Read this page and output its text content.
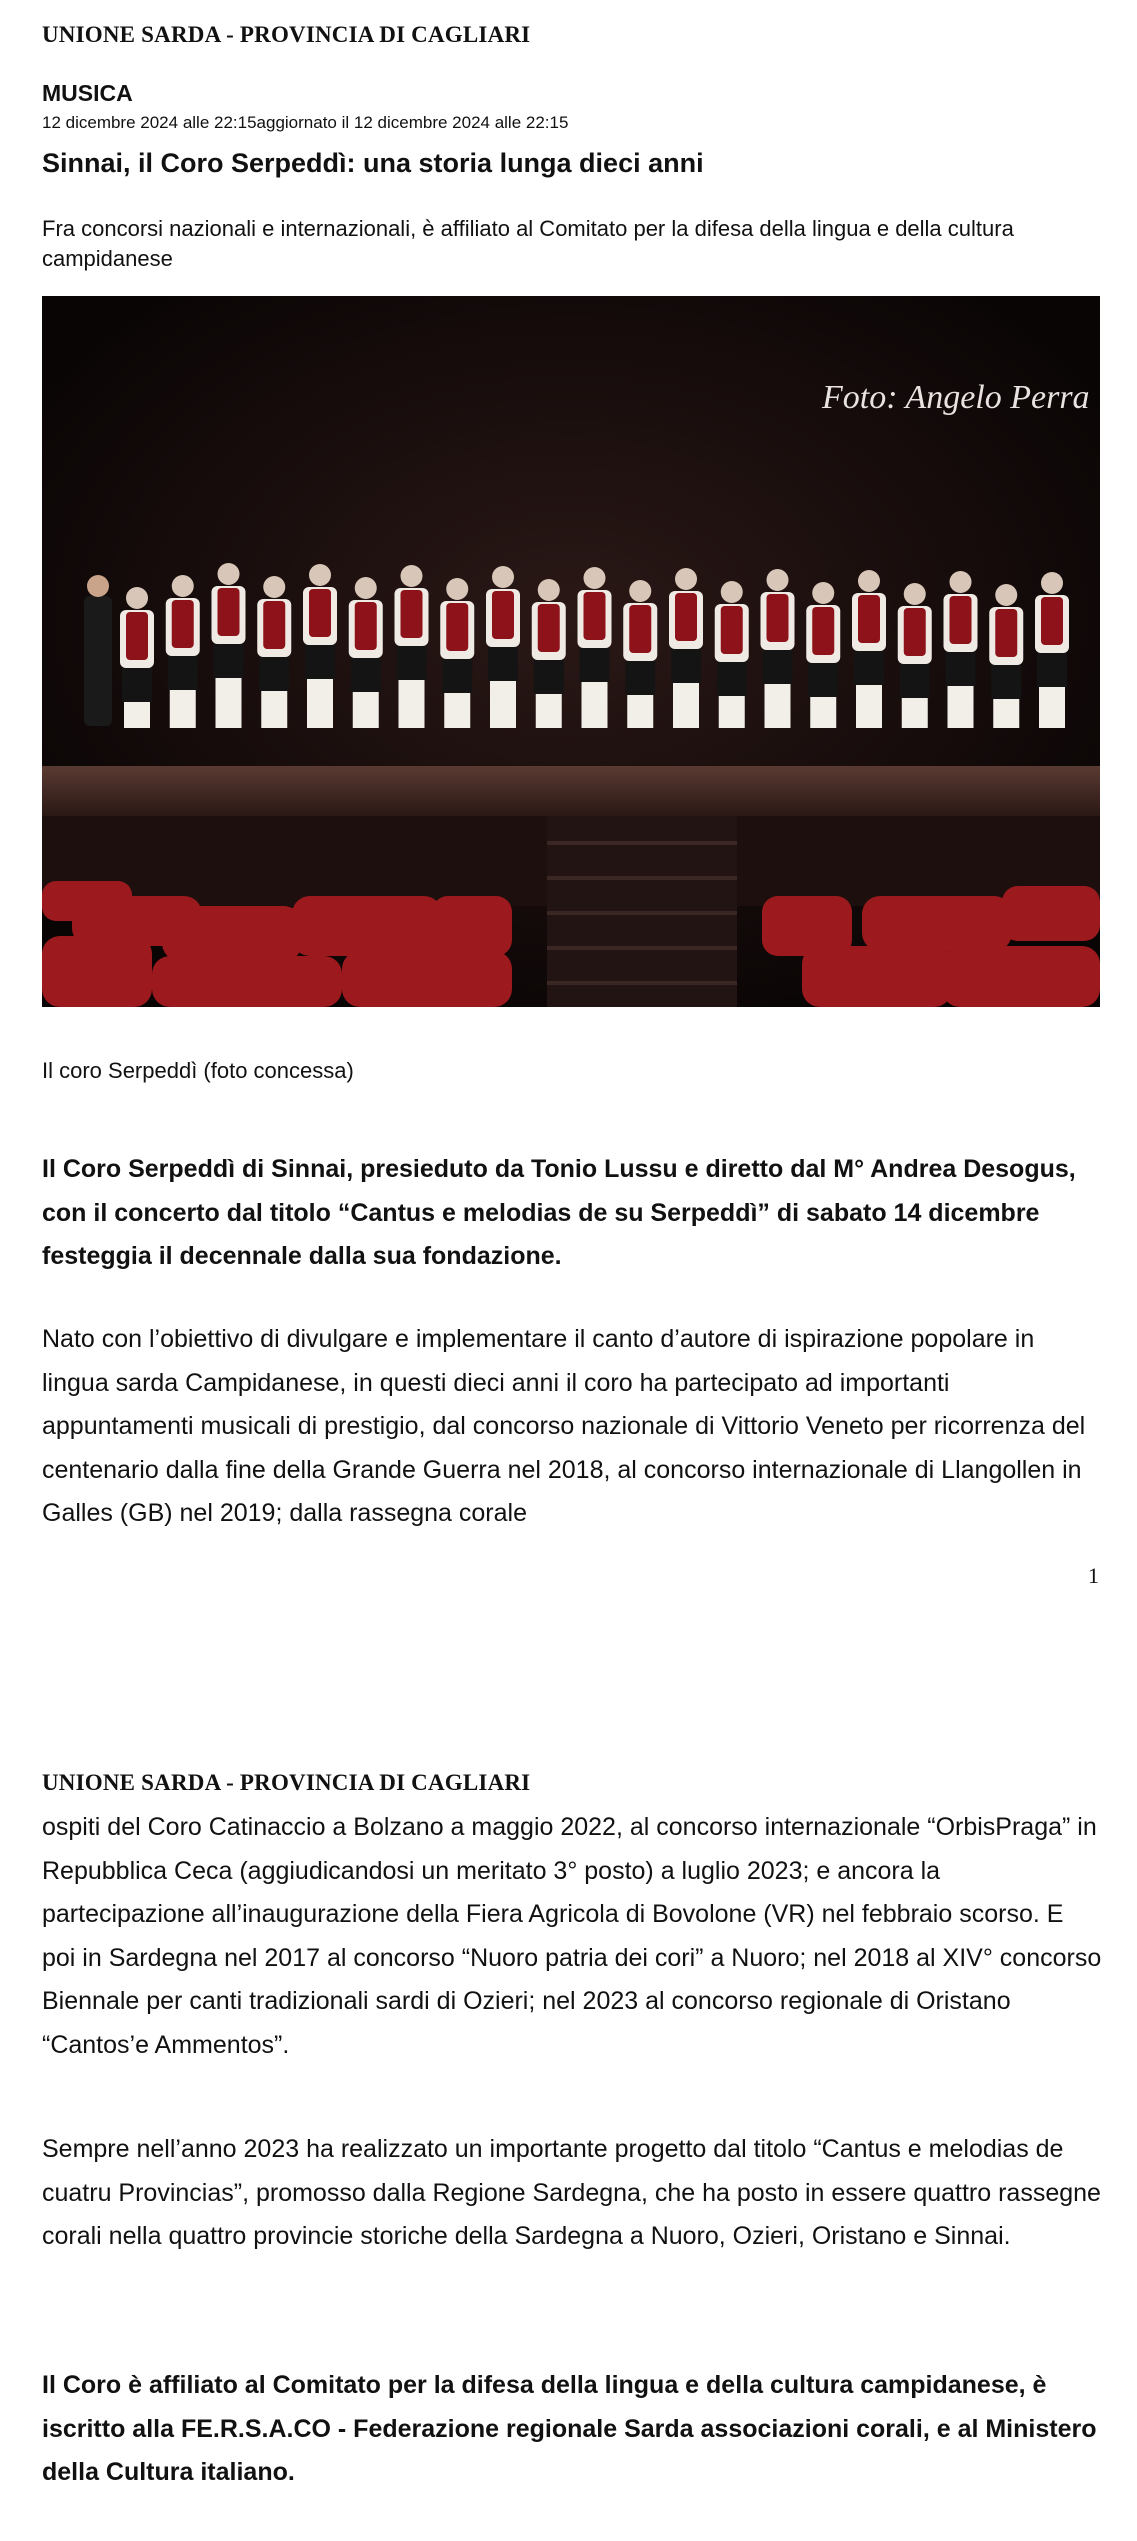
UNIONE SARDA - PROVINCIA DI CAGLIARI
MUSICA
12 dicembre 2024 alle 22:15aggiornato il 12 dicembre 2024 alle 22:15
Sinnai, il Coro Serpeddì: una storia lunga dieci anni
Fra concorsi nazionali e internazionali, è affiliato al Comitato per la difesa della lingua e della cultura campidanese
Foto: Angelo Perra
Il coro Serpeddì (foto concessa)

Il Coro Serpeddì di Sinnai, presieduto da Tonio Lussu e diretto dal M° Andrea Desogus, con il concerto dal titolo “Cantus e melodias de su Serpeddì” di sabato 14 dicembre festeggia il decennale dalla sua fondazione.

Nato con l’obiettivo di divulgare e implementare il canto d’autore di ispirazione popolare in lingua sarda Campidanese, in questi dieci anni il coro ha partecipato ad importanti appuntamenti musicali di prestigio, dal concorso nazionale di Vittorio Veneto per ricorrenza del centenario dalla fine della Grande Guerra nel 2018, al concorso internazionale di Llangollen in Galles (GB) nel 2019; dalla rassegna corale

1
UNIONE SARDA - PROVINCIA DI CAGLIARI

ospiti del Coro Catinaccio a Bolzano a maggio 2022, al concorso internazionale “OrbisPraga” in Repubblica Ceca (aggiudicandosi un meritato 3° posto) a luglio 2023; e ancora la partecipazione all’inaugurazione della Fiera Agricola di Bovolone (VR) nel febbraio scorso. E poi in Sardegna nel 2017 al concorso “Nuoro patria dei cori” a Nuoro; nel 2018 al XIV° concorso Biennale per canti tradizionali sardi di Ozieri; nel 2023 al concorso regionale di Oristano “Cantos’e Ammentos”.

Sempre nell’anno 2023 ha realizzato un importante progetto dal titolo “Cantus e melodias de cuatru Provincias”, promosso dalla Regione Sardegna, che ha posto in essere quattro rassegne corali nella quattro provincie storiche della Sardegna a Nuoro, Ozieri, Oristano e Sinnai.

Il Coro è affiliato al Comitato per la difesa della lingua e della cultura campidanese, è iscritto alla FE.R.S.A.CO - Federazione regionale Sarda associazioni corali, e al Ministero della Cultura italiano.
